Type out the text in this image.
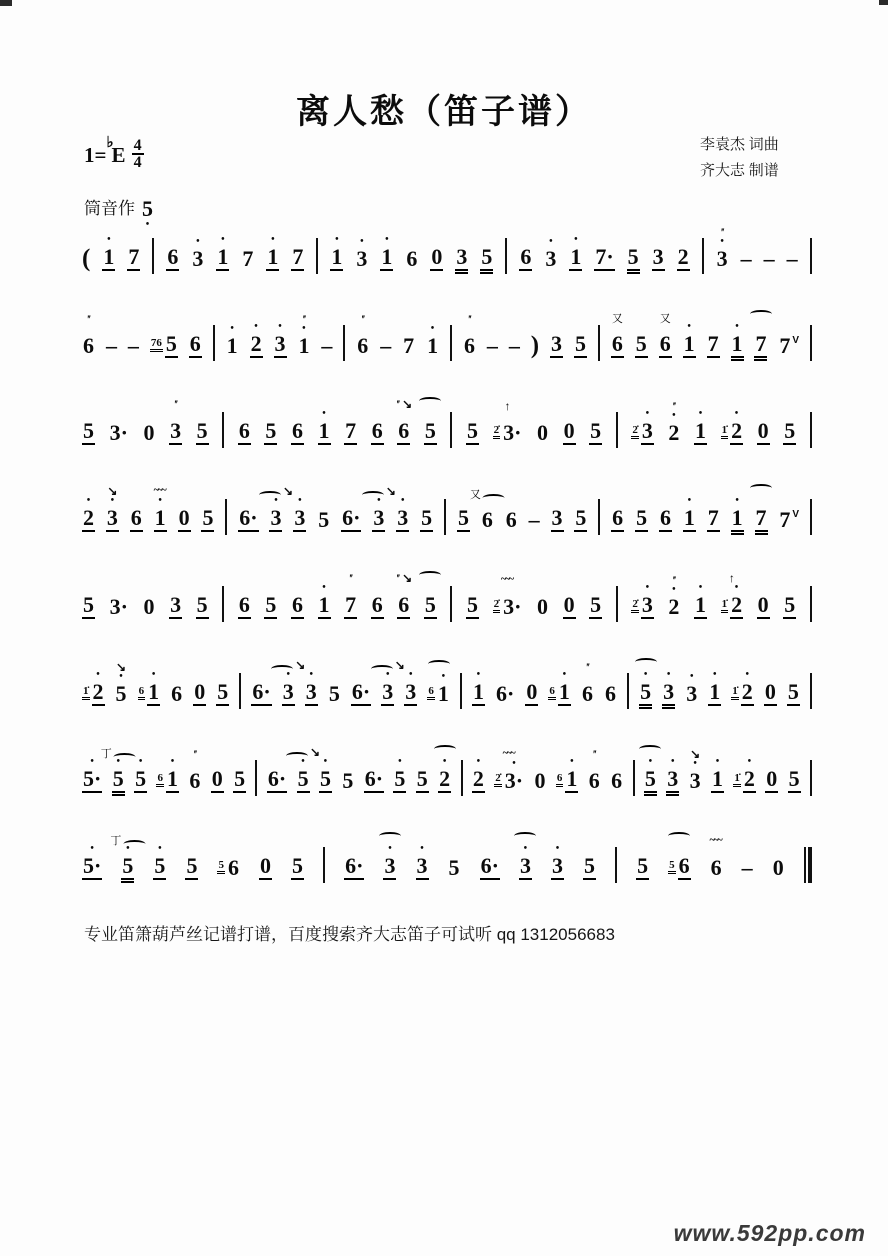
离人愁（笛子谱）
$1=^♭E \frac{4}{4}$	李袁杰 词曲
齐大志 制谱
筒音作
5
•
(
•
1

7

6

•
3

•
1

7

•
1

7

•
1

•
3

•
1

6

0

3

5

6

•
3

•
1

7·

5

3

2

''
•
3
– – –
''

6
– – 76
5

6

•
1

•
2

•
3

''
•
1
–
''

6
–
7

•
1

''

6
– – )
3

5

又

6

5

又

6

•
1

7

•
1

7

7
V

5

3·

0

''

3

5

6

5

6

•
1

7

6

'' ↘

6

5

5

↑
2̇
3·

0

0

5
	2̇
•
3

''
•
2

•
1
1̇
•
2

0

5

•
2

↘
•
3

6

~~~
•
1

0

5

6·

↘
•
3

•
3

5

6·

↘
•
3

•
3

5

5

又

6

6
–
3

5

6

5

6

•
1

7

•
1

7

7
V

5

3·

0

3

5

6

5

6

•
1

''

7

6

'' ↘

6

5

5

~~~
2̇
3·

0

0

5
	2̇
•
3

''
•
2

•
1

↑
1̇
•
2

0

5

1̇
•
2

↘
•
5
6
•
1

6

0

5

6·

↘
•
3

•
3

5

6·

↘
•
3

•
3
6
•
1

•
1

6·

0
6
•
1

''

6

6

•
5

•
3

•
3

•
1
1̇
•
2

0

5

•
5·

丁
•
5

•
5
6
•
1

''

6

0

5

6·

↘
•
5

•
5

5

6·

•
5

5

•
2

•
2

~~~
2̇
•
3·

0
6
•
1

''

6

6

•
5

•
3

↘
•
3

•
1
1̇
•
2

0

5

•
5·

丁
•
5

•
5

5
5
6

0

5

6·

•
3

•
3

5

6·

•
3

•
3

5

5
5
6

~~~

6
–
0

专业笛箫葫芦丝记谱打谱，百度搜索齐大志笛子可试听 qq 1312056683
www.592pp.com
